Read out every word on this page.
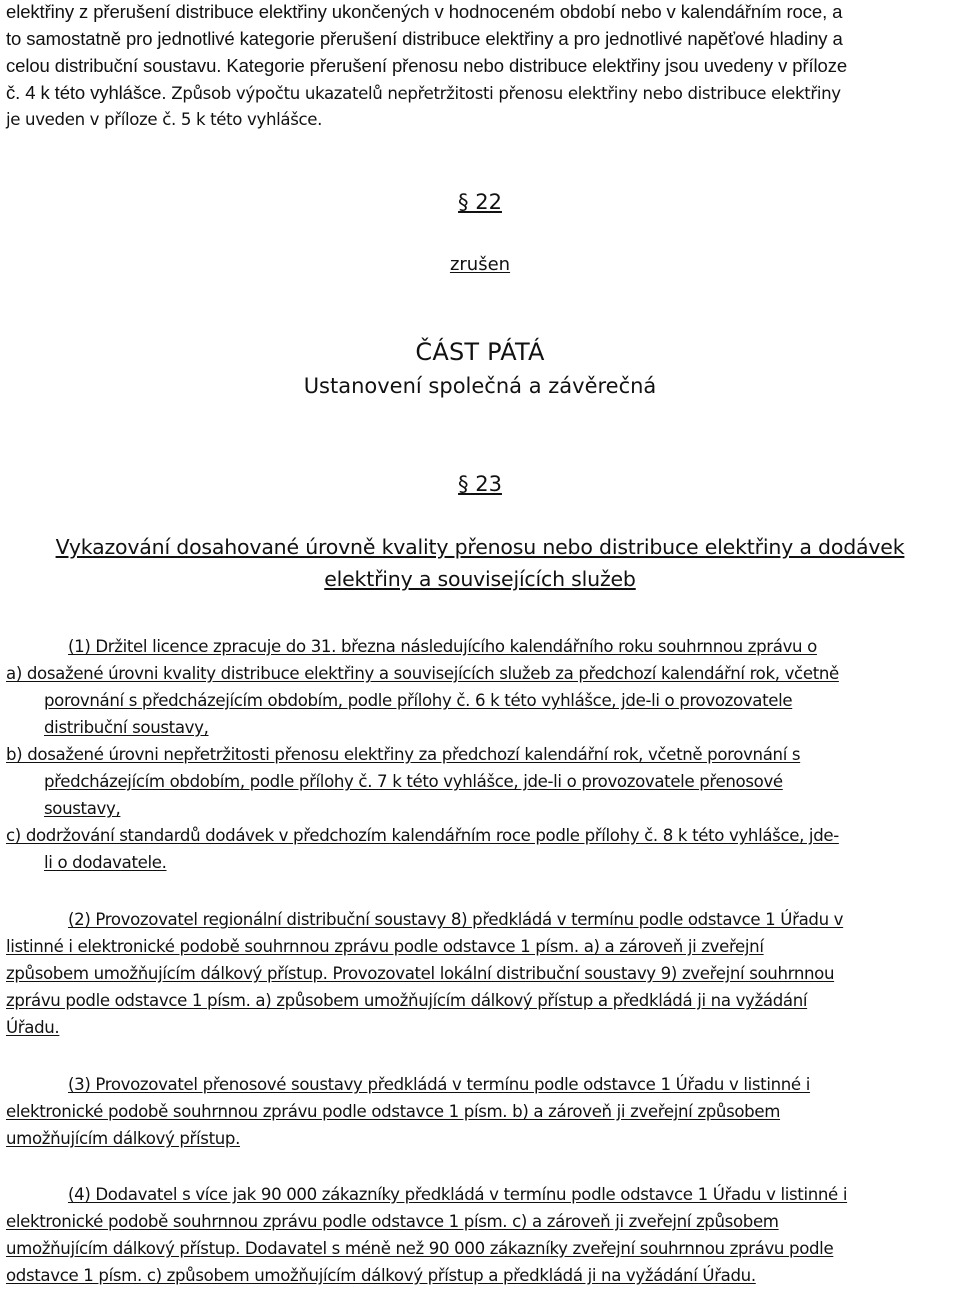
elektřiny z přerušení distribuce elektřiny ukončených v hodnoceném období nebo v kalendářním roce, a
to samostatně pro jednotlivé kategorie přerušení distribuce elektřiny a pro jednotlivé napěťové hladiny a
celou distribuční soustavu. Kategorie přerušení přenosu nebo distribuce elektřiny jsou uvedeny v příloze
č. 4 k této vyhlášce. Způsob výpočtu ukazatelů nepřetržitosti přenosu elektřiny nebo distribuce elektřiny
je uveden v příloze č. 5 k této vyhlášce.
§ 22
zrušen
ČÁST PÁTÁ
Ustanovení společná a závěrečná
§ 23
Vykazování dosahované úrovně kvality přenosu nebo distribuce elektřiny a dodávek
elektřiny a souvisejících služeb
(1) Držitel licence zpracuje do 31. března následujícího kalendářního roku souhrnnou zprávu o
a) dosažené úrovni kvality distribuce elektřiny a souvisejících služeb za předchozí kalendářní rok, včetně
porovnání s předcházejícím obdobím, podle přílohy č. 6 k této vyhlášce, jde-li o provozovatele
distribuční soustavy,
b) dosažené úrovni nepřetržitosti přenosu elektřiny za předchozí kalendářní rok, včetně porovnání s
předcházejícím obdobím, podle přílohy č. 7 k této vyhlášce, jde-li o provozovatele přenosové
soustavy,
c) dodržování standardů dodávek v předchozím kalendářním roce podle přílohy č. 8 k této vyhlášce, jde-
li o dodavatele.
(2) Provozovatel regionální distribuční soustavy 8) předkládá v termínu podle odstavce 1 Úřadu v
listinné i elektronické podobě souhrnnou zprávu podle odstavce 1 písm. a) a zároveň ji zveřejní
způsobem umožňujícím dálkový přístup. Provozovatel lokální distribuční soustavy 9) zveřejní souhrnnou
zprávu podle odstavce 1 písm. a) způsobem umožňujícím dálkový přístup a předkládá ji na vyžádání
Úřadu.
(3) Provozovatel přenosové soustavy předkládá v termínu podle odstavce 1 Úřadu v listinné i
elektronické podobě souhrnnou zprávu podle odstavce 1 písm. b) a zároveň ji zveřejní způsobem
umožňujícím dálkový přístup.
(4) Dodavatel s více jak 90 000 zákazníky předkládá v termínu podle odstavce 1 Úřadu v listinné i
elektronické podobě souhrnnou zprávu podle odstavce 1 písm. c) a zároveň ji zveřejní způsobem
umožňujícím dálkový přístup. Dodavatel s méně než 90 000 zákazníky zveřejní souhrnnou zprávu podle
odstavce 1 písm. c) způsobem umožňujícím dálkový přístup a předkládá ji na vyžádání Úřadu.
